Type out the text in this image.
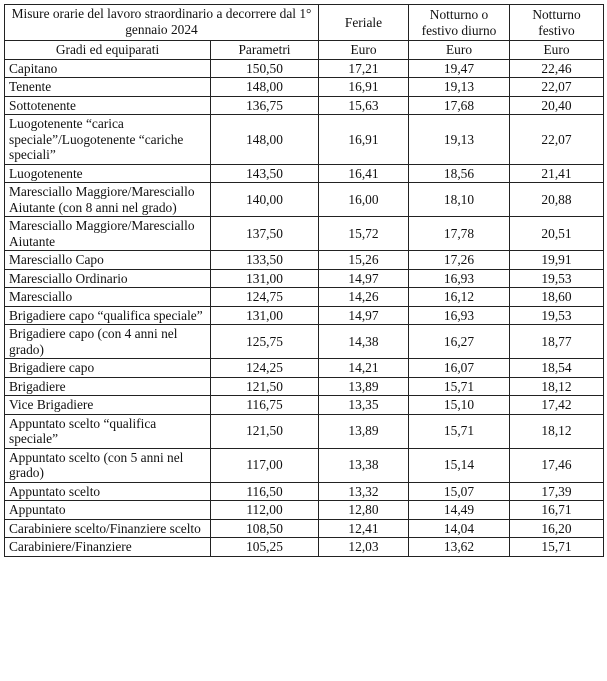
Misure orarie del lavoro straordinario a decorrere dal 1° gennaio 2024		Feriale	Notturno o festivo diurno	Notturno festivo
Gradi ed equiparati	Parametri	Euro	Euro	Euro
Capitano	150,50	17,21	19,47	22,46
Tenente	148,00	16,91	19,13	22,07
Sottotenente	136,75	15,63	17,68	20,40
Luogotenente “carica speciale”/Luogotenente “cariche speciali”	148,00	16,91	19,13	22,07
Luogotenente	143,50	16,41	18,56	21,41
Maresciallo Maggiore/Maresciallo Aiutante (con 8 anni nel grado)	140,00	16,00	18,10	20,88
Maresciallo Maggiore/Maresciallo Aiutante	137,50	15,72	17,78	20,51
Maresciallo Capo	133,50	15,26	17,26	19,91
Maresciallo Ordinario	131,00	14,97	16,93	19,53
Maresciallo	124,75	14,26	16,12	18,60
Brigadiere capo “qualifica speciale”	131,00	14,97	16,93	19,53
Brigadiere capo (con 4 anni nel grado)	125,75	14,38	16,27	18,77
Brigadiere capo	124,25	14,21	16,07	18,54
Brigadiere	121,50	13,89	15,71	18,12
Vice Brigadiere	116,75	13,35	15,10	17,42
Appuntato scelto “qualifica speciale”	121,50	13,89	15,71	18,12
Appuntato scelto (con 5 anni nel grado)	117,00	13,38	15,14	17,46
Appuntato scelto	116,50	13,32	15,07	17,39
Appuntato	112,00	12,80	14,49	16,71
Carabiniere scelto/Finanziere scelto	108,50	12,41	14,04	16,20
Carabiniere/Finanziere	105,25	12,03	13,62	15,71
